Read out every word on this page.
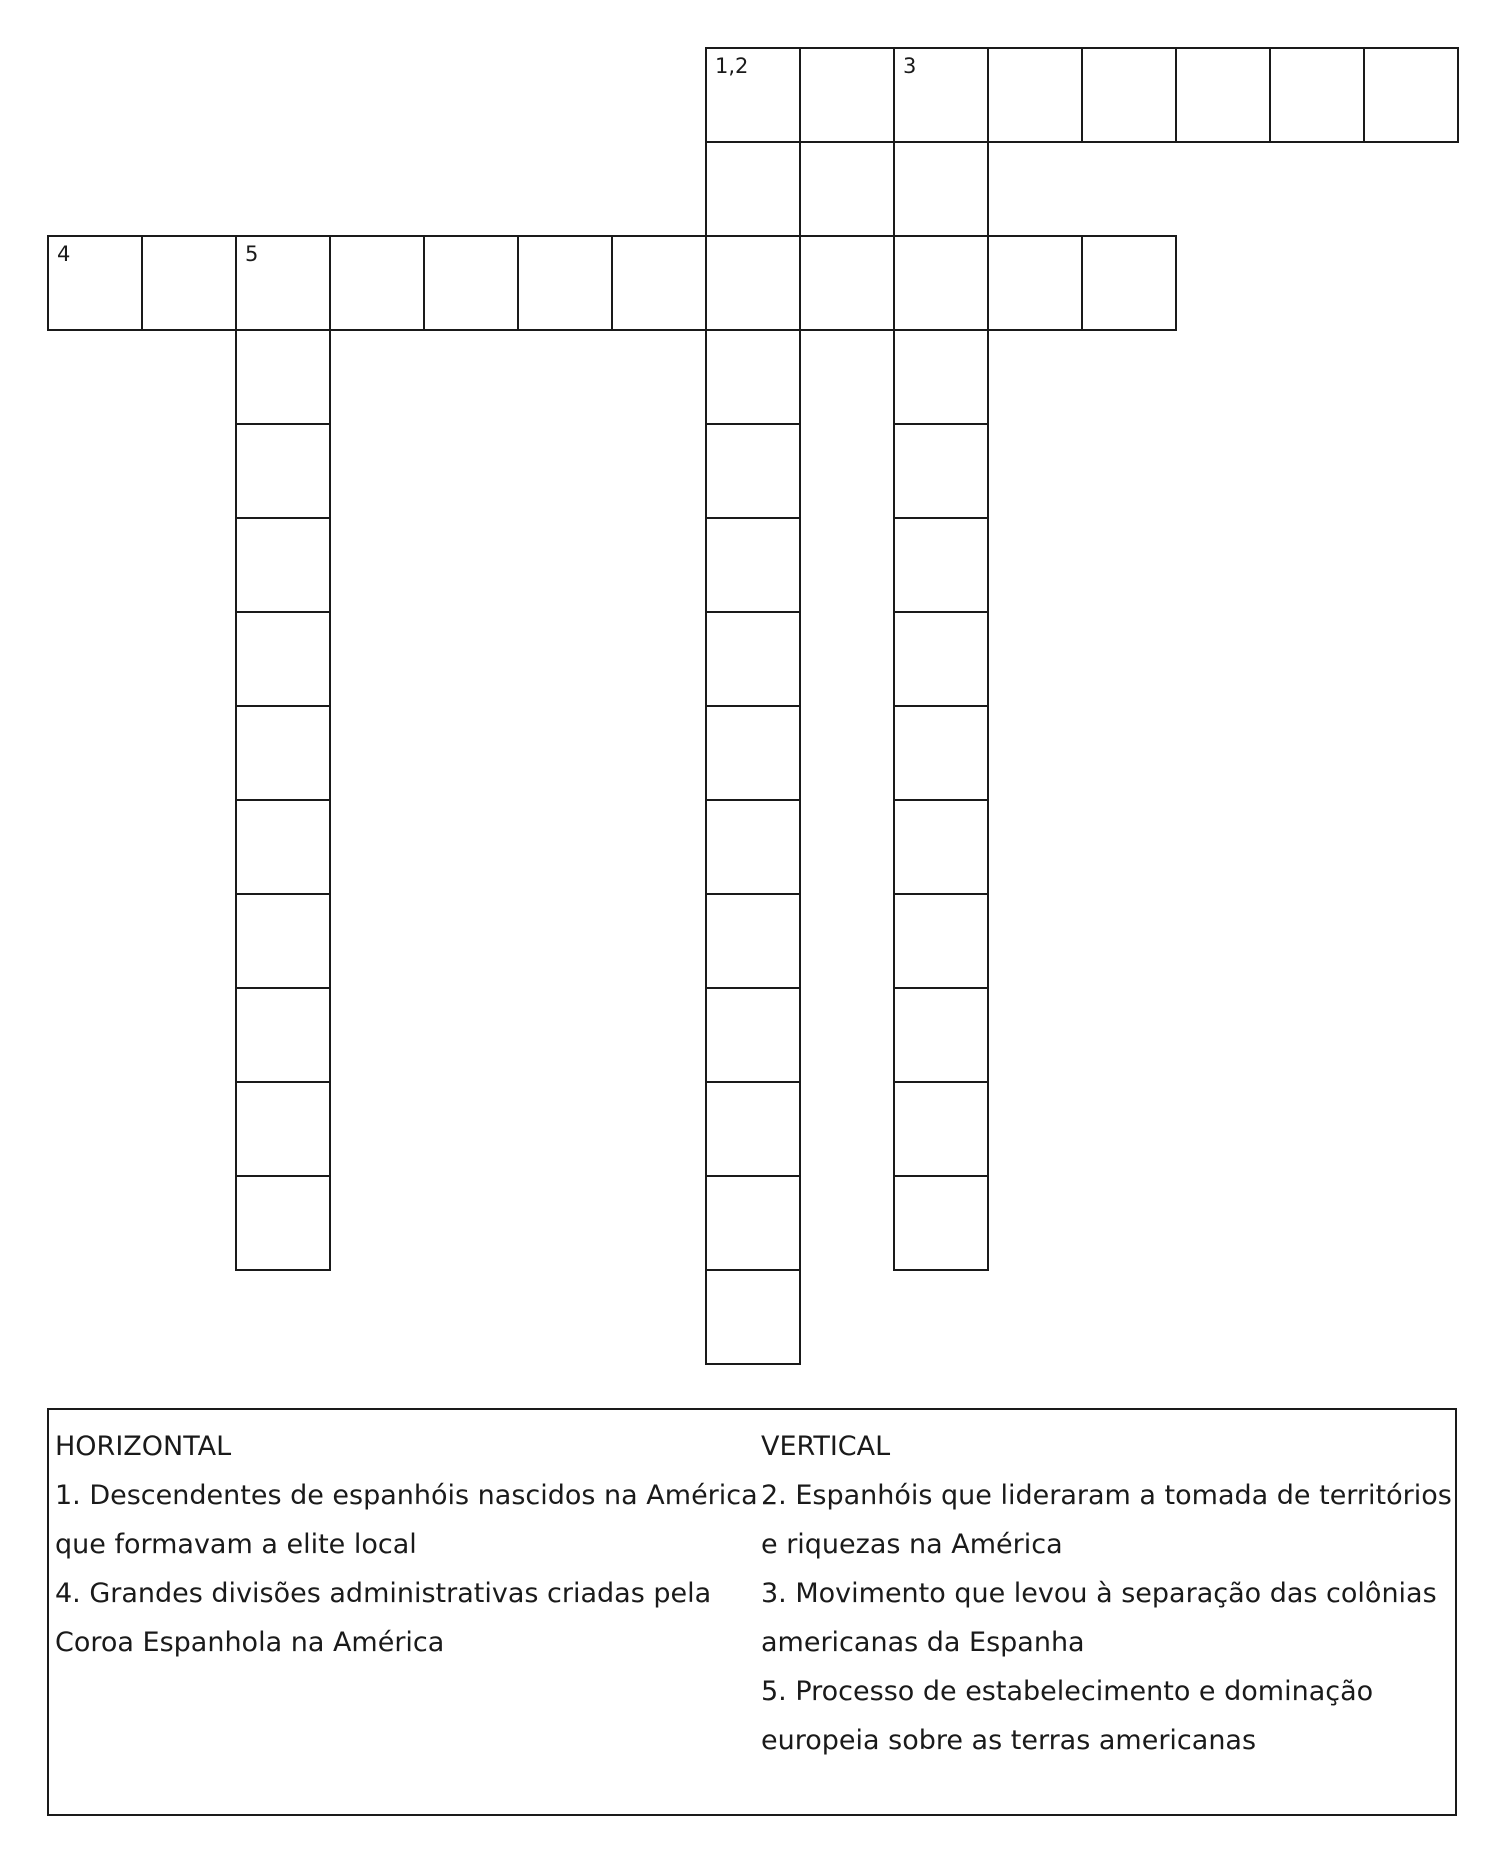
1,2	3
4	5
HORIZONTAL
1. Descendentes de espanhóis nascidos na América
que formavam a elite local
4. Grandes divisões administrativas criadas pela
Coroa Espanhola na América
VERTICAL
2. Espanhóis que lideraram a tomada de territórios
e riquezas na América
3. Movimento que levou à separação das colônias
americanas da Espanha
5. Processo de estabelecimento e dominação
europeia sobre as terras americanas
